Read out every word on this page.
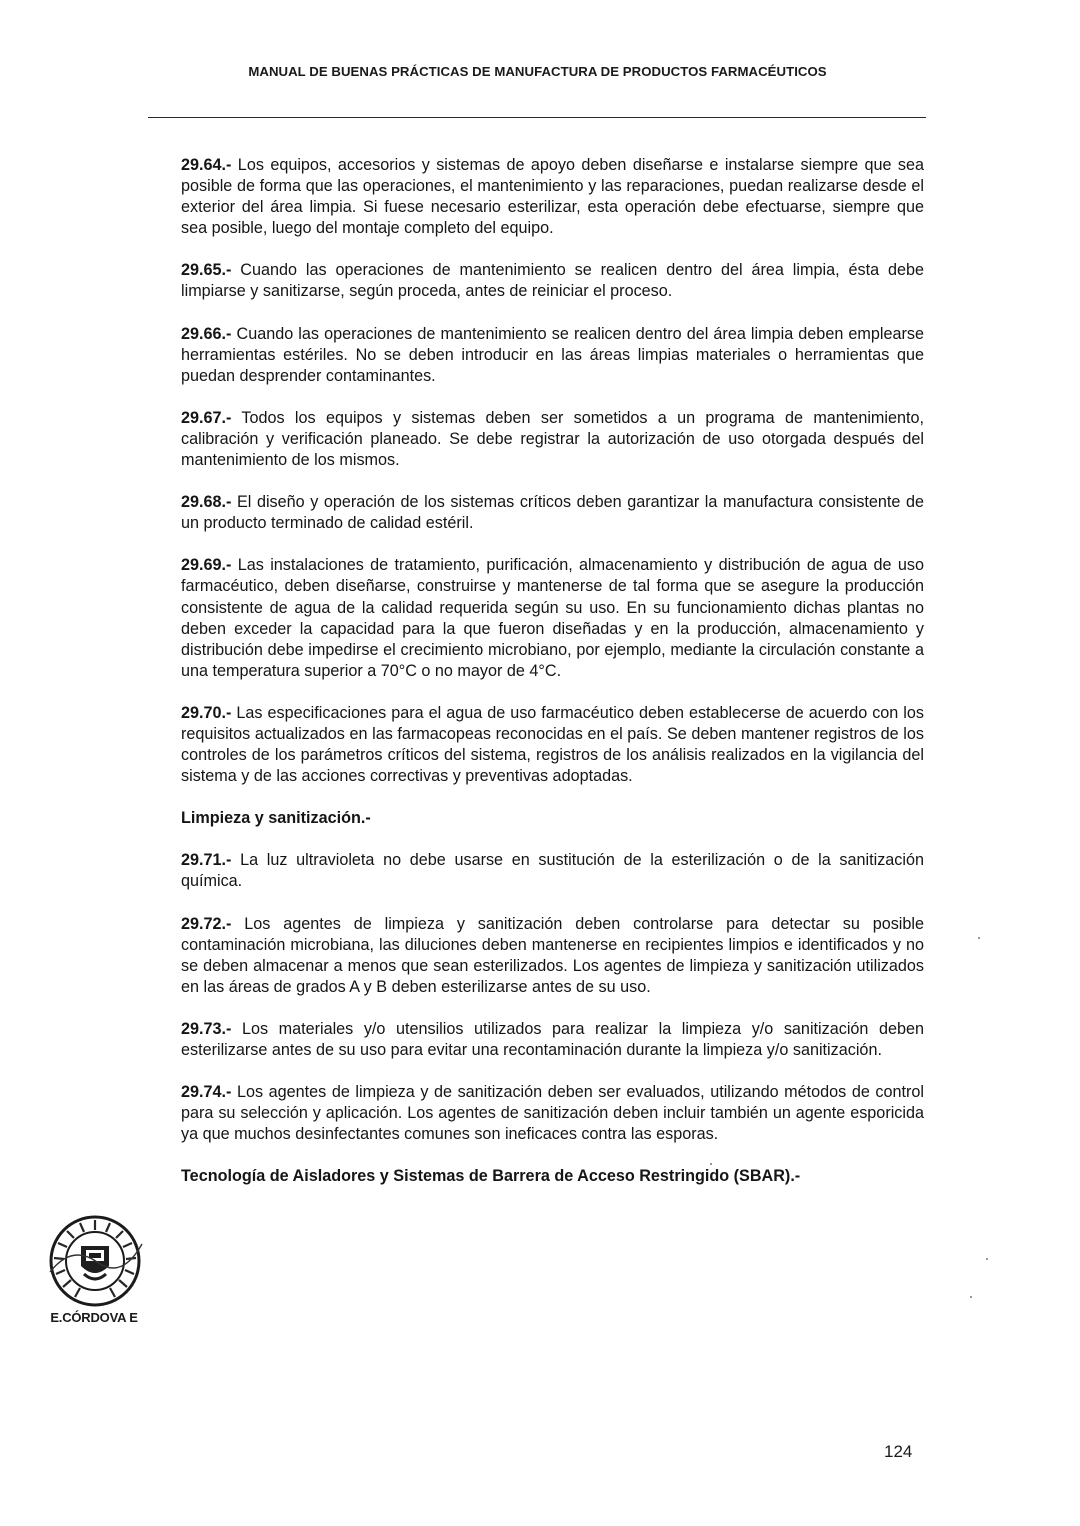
MANUAL DE BUENAS PRÁCTICAS DE MANUFACTURA DE PRODUCTOS FARMACÉUTICOS

29.64.- Los equipos, accesorios y sistemas de apoyo deben diseñarse e instalarse siempre que sea posible de forma que las operaciones, el mantenimiento y las reparaciones, puedan realizarse desde el exterior del área limpia. Si fuese necesario esterilizar, esta operación debe efectuarse, siempre que sea posible, luego del montaje completo del equipo.

29.65.- Cuando las operaciones de mantenimiento se realicen dentro del área limpia, ésta debe limpiarse y sanitizarse, según proceda, antes de reiniciar el proceso.

29.66.- Cuando las operaciones de mantenimiento se realicen dentro del área limpia deben emplearse herramientas estériles. No se deben introducir en las áreas limpias materiales o herramientas que puedan desprender contaminantes.

29.67.- Todos los equipos y sistemas deben ser sometidos a un programa de mantenimiento, calibración y verificación planeado. Se debe registrar la autorización de uso otorgada después del mantenimiento de los mismos.

29.68.- El diseño y operación de los sistemas críticos deben garantizar la manufactura consistente de un producto terminado de calidad estéril.

29.69.- Las instalaciones de tratamiento, purificación, almacenamiento y distribución de agua de uso farmacéutico, deben diseñarse, construirse y mantenerse de tal forma que se asegure la producción consistente de agua de la calidad requerida según su uso. En su funcionamiento dichas plantas no deben exceder la capacidad para la que fueron diseñadas y en la producción, almacenamiento y distribución debe impedirse el crecimiento microbiano, por ejemplo, mediante la circulación constante a una temperatura superior a 70°C o no mayor de 4°C.

29.70.- Las especificaciones para el agua de uso farmacéutico deben establecerse de acuerdo con los requisitos actualizados en las farmacopeas reconocidas en el país. Se deben mantener registros de los controles de los parámetros críticos del sistema, registros de los análisis realizados en la vigilancia del sistema y de las acciones correctivas y preventivas adoptadas.

Limpieza y sanitización.-

29.71.- La luz ultravioleta no debe usarse en sustitución de la esterilización o de la sanitización química.

29.72.- Los agentes de limpieza y sanitización deben controlarse para detectar su posible contaminación microbiana, las diluciones deben mantenerse en recipientes limpios e identificados y no se deben almacenar a menos que sean esterilizados. Los agentes de limpieza y sanitización utilizados en las áreas de grados A y B deben esterilizarse antes de su uso.

29.73.- Los materiales y/o utensilios utilizados para realizar la limpieza y/o sanitización deben esterilizarse antes de su uso para evitar una recontaminación durante la limpieza y/o sanitización.

29.74.- Los agentes de limpieza y de sanitización deben ser evaluados, utilizando métodos de control para su selección y aplicación. Los agentes de sanitización deben incluir también un agente esporicida ya que muchos desinfectantes comunes son ineficaces contra las esporas.

Tecnología de Aisladores y Sistemas de Barrera de Acceso Restringido (SBAR).-
E.CÓRDOVA E
124
